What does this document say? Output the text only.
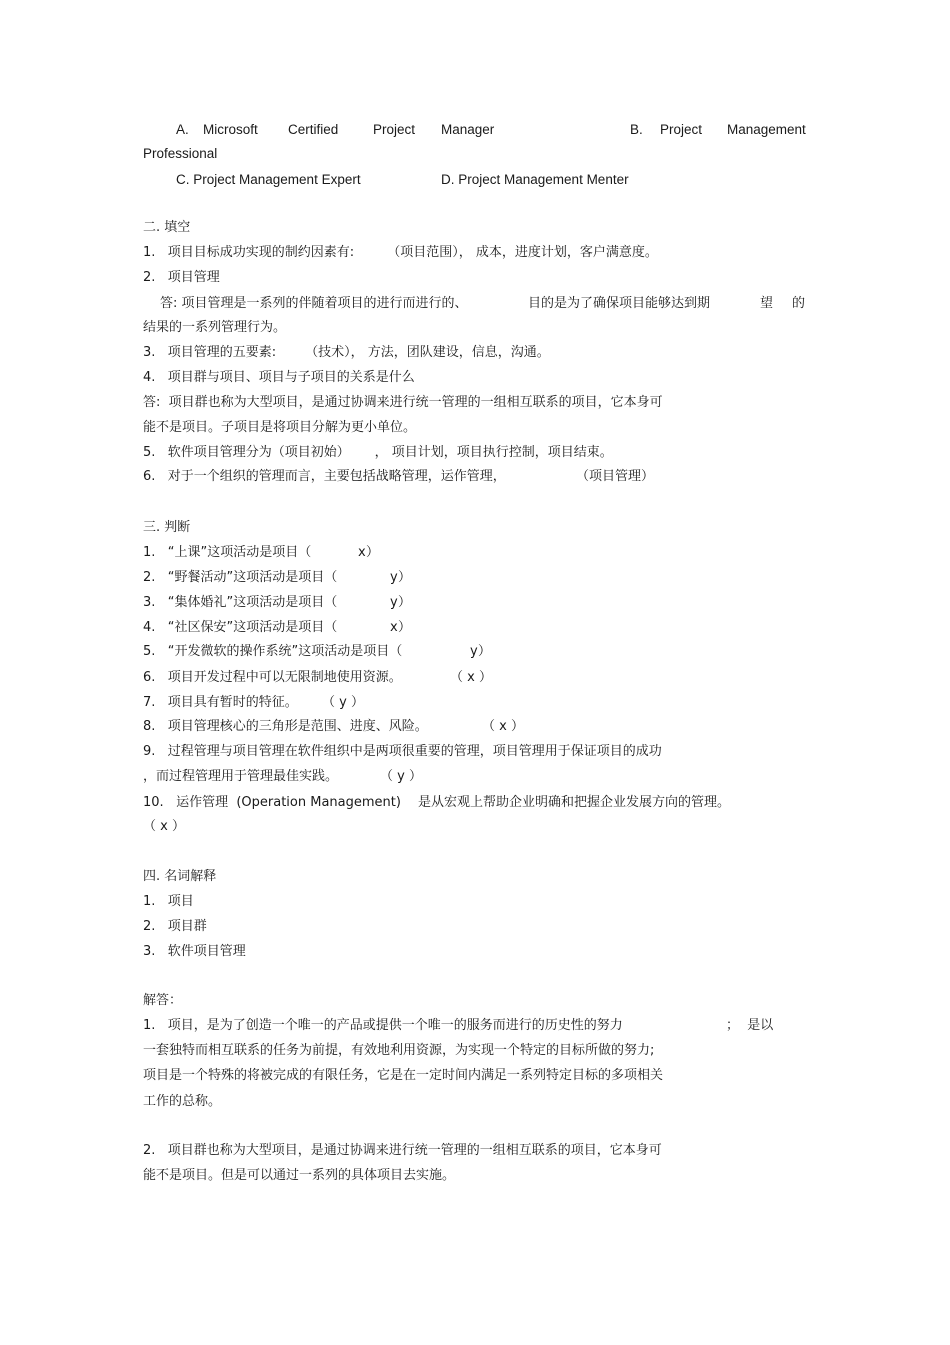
A. Microsoft Certified	Project Manager	B. Project Management
Professional
C. Project Management Expert	D. Project Management Menter
二. 填空
1.   项目目标成功实现的制约因素有:        （项目范围）， 成本，进度计划，客户满意度。
2.   项目管理
答: 项目管理是一系列的伴随着项目的进行而进行的、	目的是为了确保项目能够达到期	望 的
结果的一系列管理行为。
3.   项目管理的五要素:       （技术）， 方法，团队建设，信息，沟通。
4.   项目群与项目、项目与子项目的关系是什么
答:  项目群也称为大型项目，是通过协调来进行统一管理的一组相互联系的项目，它本身可
能不是项目。子项目是将项目分解为更小单位。
5.   软件项目管理分为（项目初始）      ， 项目计划，项目执行控制，项目结束。
6.   对于一个组织的管理而言，主要包括战略管理，运作管理，	（项目管理）
三. 判断
1.   “上课”这项活动是项目（	x ）
2.   “野餐活动”这项活动是项目（	y ）
3.   “集体婚礼”这项活动是项目（	y ）
4.   “社区保安”这项活动是项目（	x ）
5.   “开发微软的操作系统”这项活动是项目（	y ）
6.   项目开发过程中可以无限制地使用资源。	（ x ）
7.   项目具有暂时的特征。 （ y ）
8.   项目管理核心的三角形是范围、进度、风险。	（ x ）
9.   过程管理与项目管理在软件组织中是两项很重要的管理，项目管理用于保证项目的成功
，而过程管理用于管理最佳实践。	（ y ）
10.   运作管理  (Operation Management) 是从宏观上帮助企业明确和把握企业发展方向的管理。
（ x ）
四. 名词解释
1.   项目
2.   项目群
3.   软件项目管理
解答：
1.   项目，是为了创造一个唯一的产品或提供一个唯一的服务而进行的历史性的努力	；  是以
一套独特而相互联系的任务为前提，有效地利用资源，为实现一个特定的目标所做的努力;
项目是一个特殊的将被完成的有限任务，它是在一定时间内满足一系列特定目标的多项相关
工作的总称。
2.   项目群也称为大型项目，是通过协调来进行统一管理的一组相互联系的项目，它本身可
能不是项目。但是可以通过一系列的具体项目去实施。
